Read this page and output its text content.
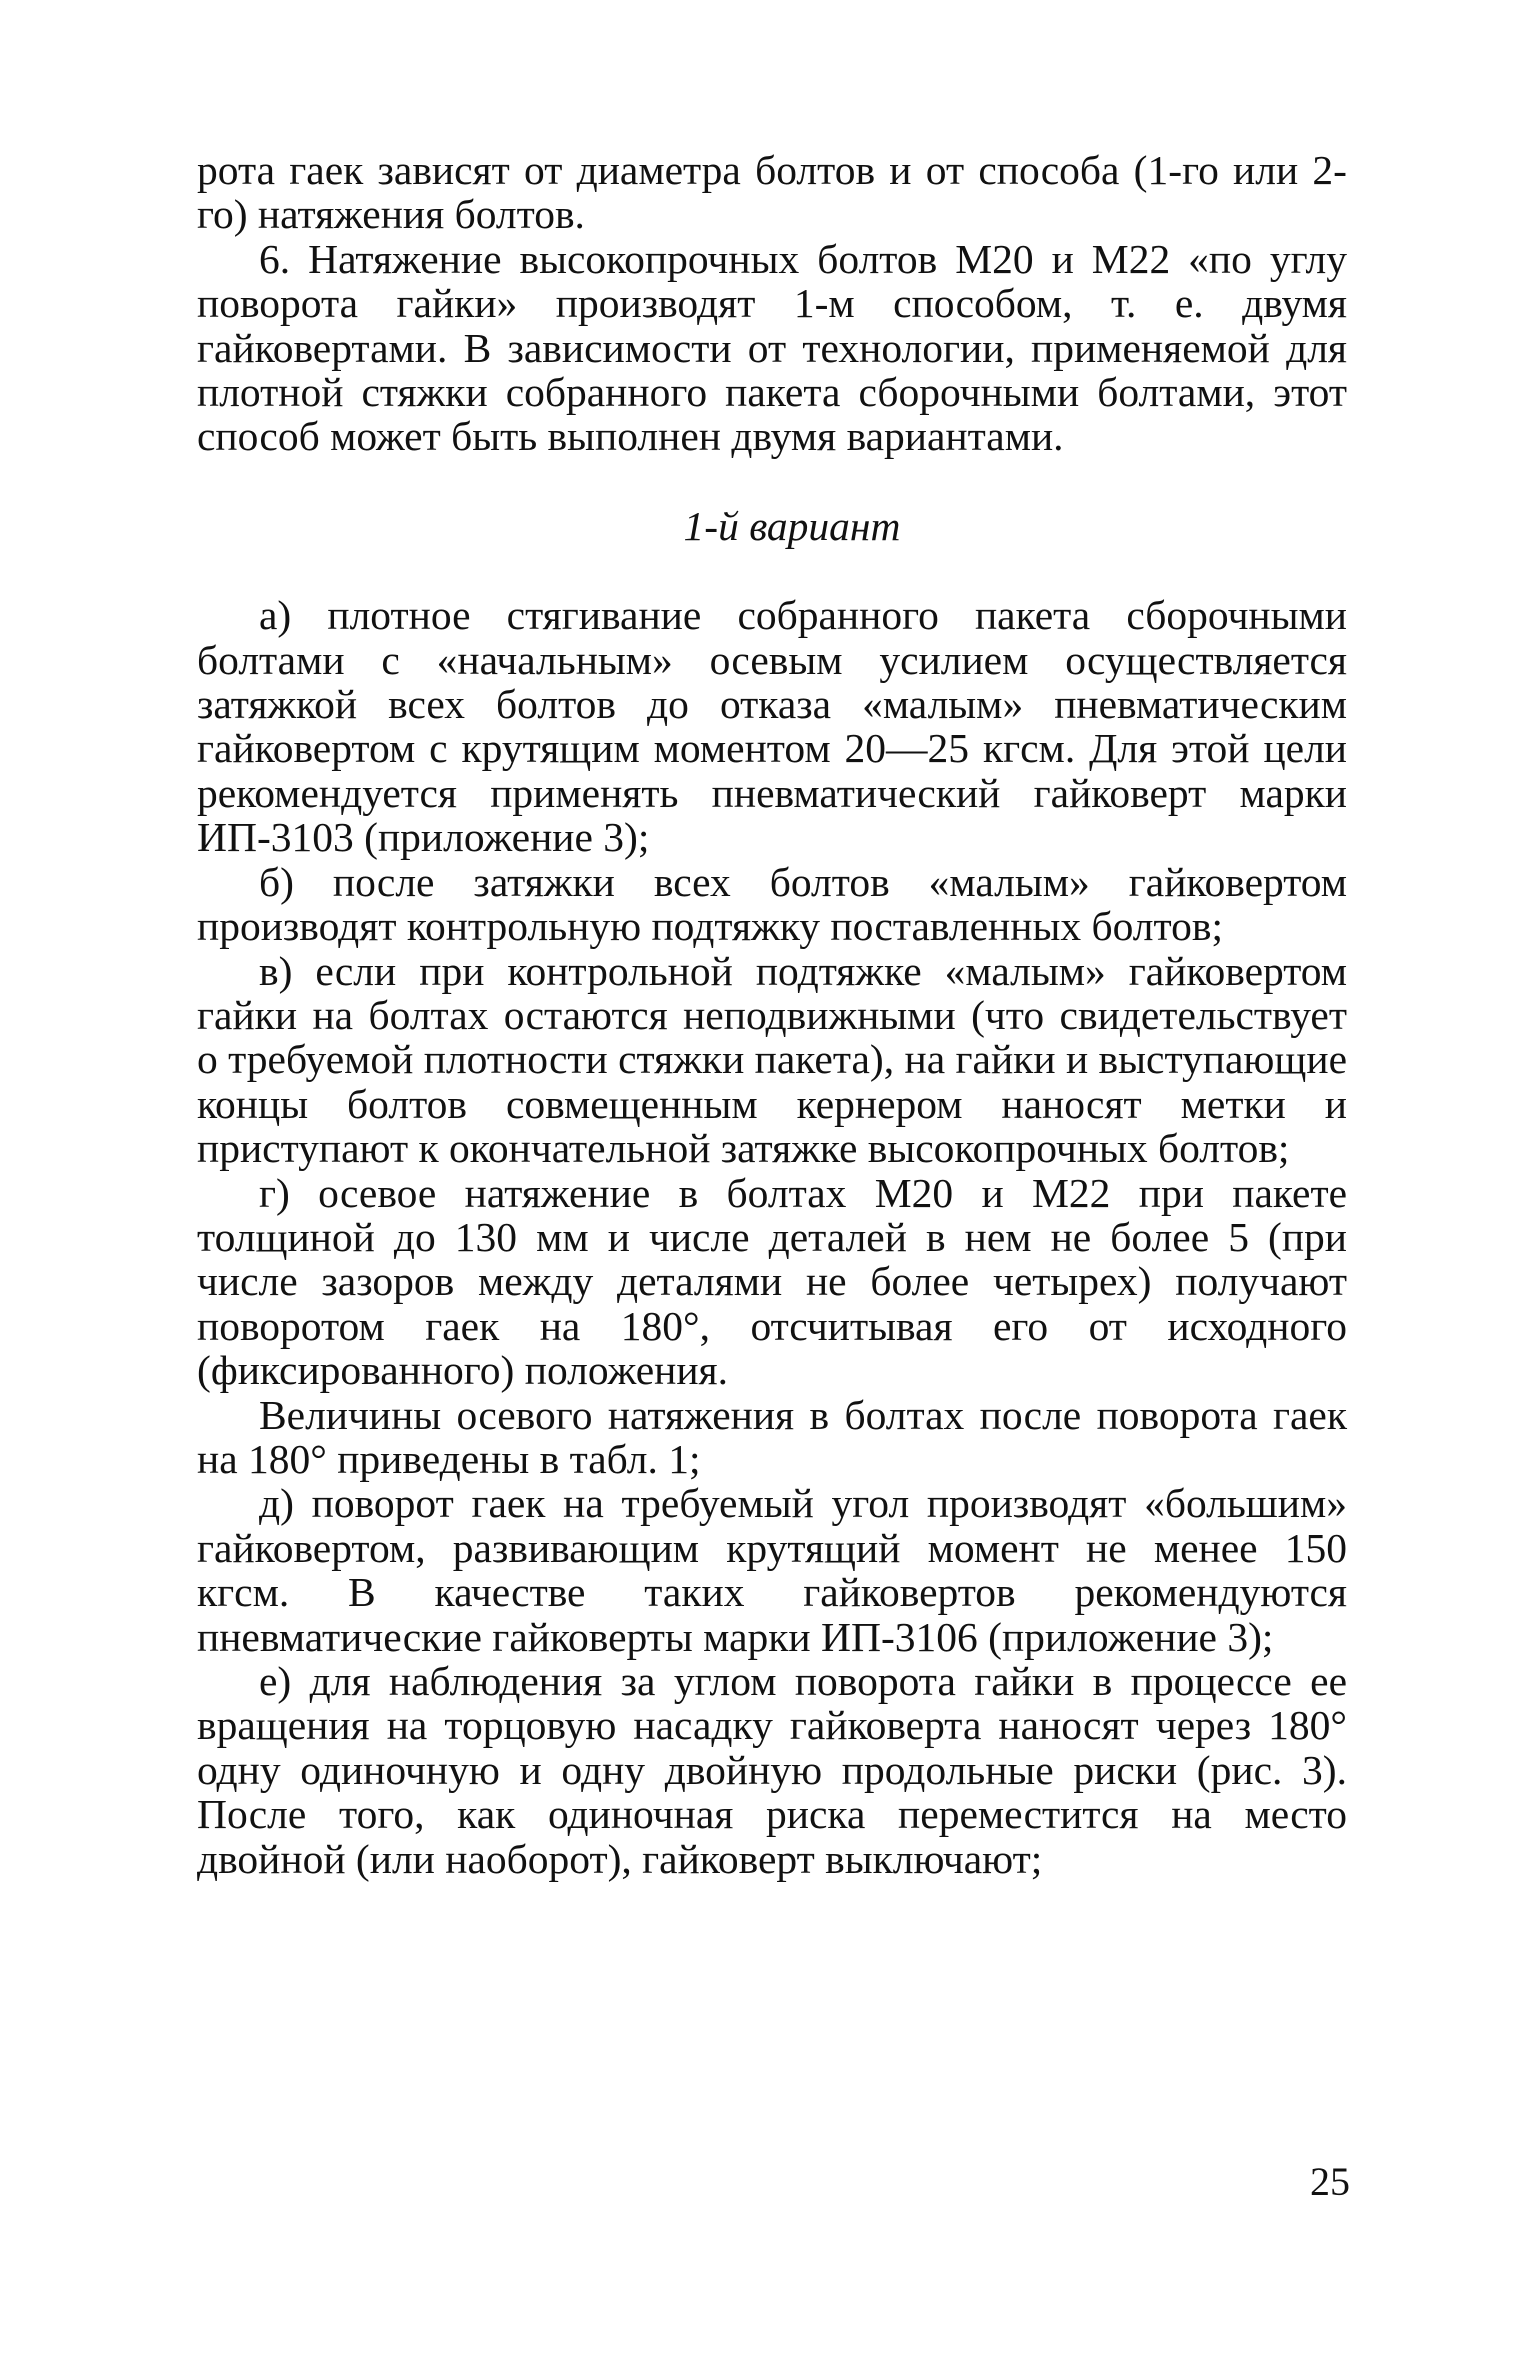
рота гаек зависят от диаметра болтов и от способа (1-го или 2-го) натяжения болтов.

6. Натяжение высокопрочных болтов М20 и М22 «по углу поворота гайки» производят 1-м способом, т. е. двумя гайковертами. В зависимости от технологии, применяемой для плотной стяжки собранного пакета сборочными болтами, этот способ может быть выполнен двумя вариантами.

1-й вариант

а) плотное стягивание собранного пакета сборочными болтами с «начальным» осевым усилием осуществляется затяжкой всех болтов до отказа «малым» пневматическим гайковертом с крутящим моментом 20—25 кгсм. Для этой цели рекомендуется применять пневматический гайковерт марки ИП-3103 (приложение 3);

б) после затяжки всех болтов «малым» гайковертом производят контрольную подтяжку поставленных болтов;

в) если при контрольной подтяжке «малым» гайковертом гайки на болтах остаются неподвижными (что свидетельствует о требуемой плотности стяжки пакета), на гайки и выступающие концы болтов совмещенным кернером наносят метки и приступают к окончательной затяжке высокопрочных болтов;

г) осевое натяжение в болтах М20 и М22 при пакете толщиной до 130 мм и числе деталей в нем не более 5 (при числе зазоров между деталями не более четырех) получают поворотом гаек на 180°, отсчитывая его от исходного (фиксированного) положения.

Величины осевого натяжения в болтах после поворота гаек на 180° приведены в табл. 1;

д) поворот гаек на требуемый угол производят «большим» гайковертом, развивающим крутящий момент не менее 150 кгсм. В качестве таких гайковертов рекомендуются пневматические гайковерты марки ИП-3106 (приложение 3);

е) для наблюдения за углом поворота гайки в процессе ее вращения на торцовую насадку гайковерта наносят через 180° одну одиночную и одну двойную продольные риски (рис. 3). После того, как одиночная риска переместится на место двойной (или наоборот), гайковерт выключают;

25
